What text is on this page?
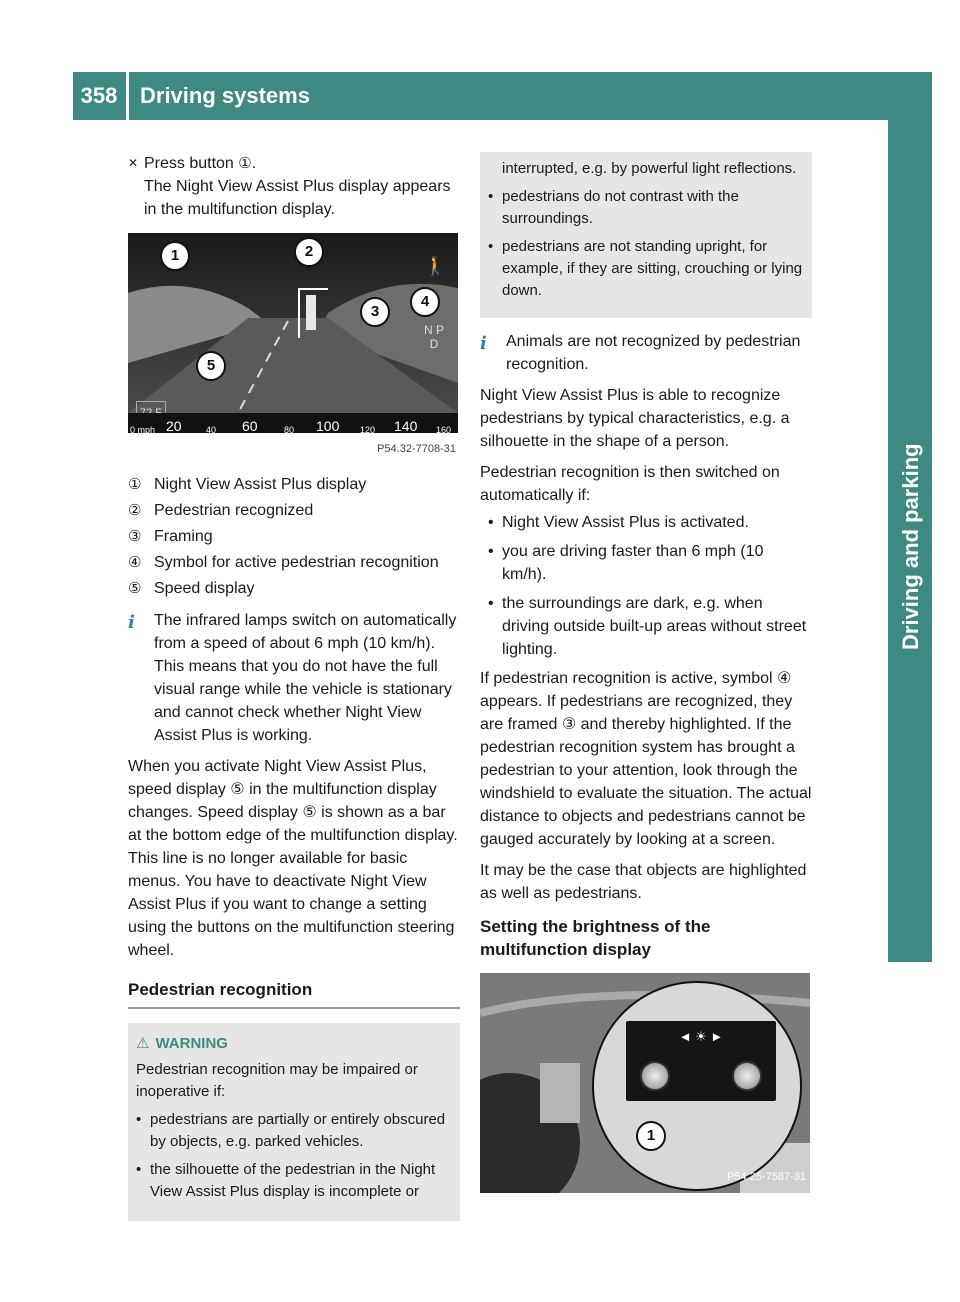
358	Driving systems
Driving and parking
✕ Press button ①.
The Night View Assist Plus display appears in the multifunction display.
N P
D
🚶
0 mph 20	40 60	80 100 120 140 160
1	2
3
4
5
P54.32-7708-31
① Night View Assist Plus display
② Pedestrian recognized
③ Framing
④ Symbol for active pedestrian recognition
⑤ Speed display

i	The infrared lamps switch on automatically from a speed of about 6 mph (10 km/h). This means that you do not have the full visual range while the vehicle is stationary and cannot check whether Night View Assist Plus is working.

When you activate Night View Assist Plus, speed display ⑤ in the multifunction display changes. Speed display ⑤ is shown as a bar at the bottom edge of the multifunction display. This line is no longer available for basic menus. You have to deactivate Night View Assist Plus if you want to change a setting using the buttons on the multifunction steering wheel.

Pedestrian recognition
⚠ WARNING
Pedestrian recognition may be impaired or inoperative if:
• pedestrians are partially or entirely obscured by objects, e.g. parked vehicles.
• the silhouette of the pedestrian in the Night View Assist Plus display is incomplete or
interrupted, e.g. by powerful light reflections.
• pedestrians do not contrast with the surroundings.
• pedestrians are not standing upright, for example, if they are sitting, crouching or lying down.

i	Animals are not recognized by pedestrian recognition.

Night View Assist Plus is able to recognize pedestrians by typical characteristics, e.g. a silhouette in the shape of a person.

Pedestrian recognition is then switched on automatically if:

• Night View Assist Plus is activated.
• you are driving faster than 6 mph (10 km/h).
• the surroundings are dark, e.g. when driving outside built-up areas without street lighting.

If pedestrian recognition is active, symbol ④ appears. If pedestrians are recognized, they are framed ③ and thereby highlighted. If the pedestrian recognition system has brought a pedestrian to your attention, look through the windshield to evaluate the situation. The actual distance to objects and pedestrians cannot be gauged accurately by looking at a screen.

It may be the case that objects are highlighted as well as pedestrians.

Setting the brightness of the multifunction display
◄ ☀ ►
1
P54.25-7587-31
